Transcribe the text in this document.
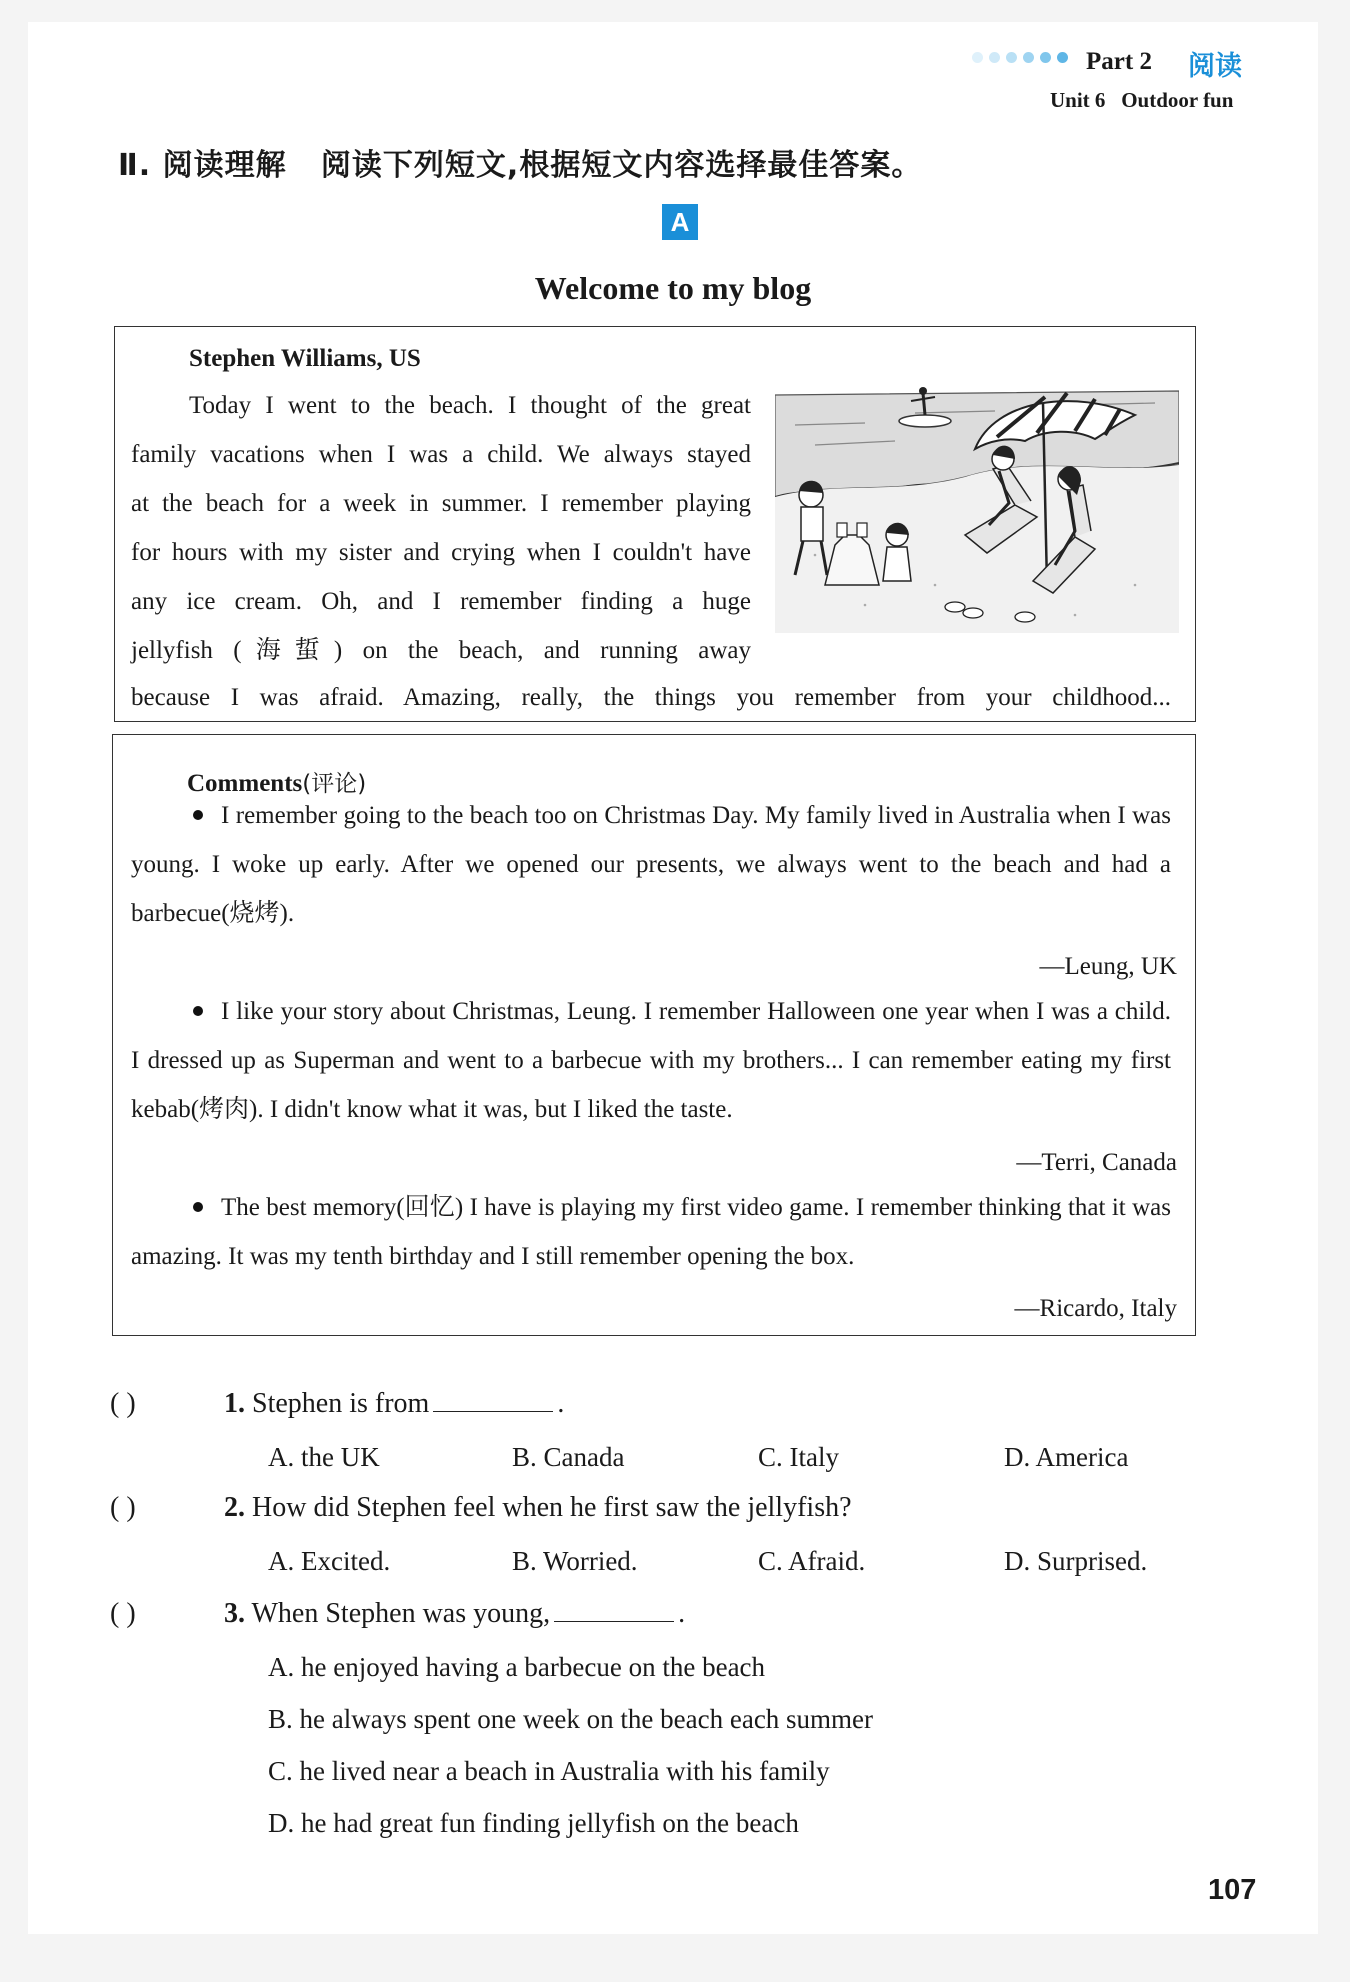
Part 2 阅读
Unit 6 Outdoor fun
Ⅱ. 阅读理解   阅读下列短文,根据短文内容选择最佳答案。
A
Welcome to my blog
Stephen Williams, US

Today I went to the beach. I thought of the great

family vacations when I was a child. We always stayed

at the beach for a week in summer. I remember playing

for hours with my sister and crying when I couldn't have

any ice cream. Oh, and I remember finding a huge

jellyfish (海蜇) on the beach, and running away

because I was afraid. Amazing, really, the things you remember from your childhood...
Comments(评论)
I remember going to the beach too on Christmas Day. My family lived in Australia when I was young. I woke up early. After we opened our presents, we always went to the beach and had a barbecue(烧烤).
—Leung, UK
I like your story about Christmas, Leung. I remember Halloween one year when I was a child. I dressed up as Superman and went to a barbecue with my brothers... I can remember eating my first kebab(烤肉). I didn't know what it was, but I liked the taste.
—Terri, Canada
The best memory(回忆) I have is playing my first video game. I remember thinking that it was amazing. It was my tenth birthday and I still remember opening the box.
—Ricardo, Italy
( )	1. Stephen is from	.
A. the UK	B. Canada	C. Italy	D. America
( )	2. How did Stephen feel when he first saw the jellyfish?
A. Excited.	B. Worried.	C. Afraid.	D. Surprised.
( )	3. When Stephen was young,	.
A. he enjoyed having a barbecue on the beach
B. he always spent one week on the beach each summer
C. he lived near a beach in Australia with his family
D. he had great fun finding jellyfish on the beach
107
